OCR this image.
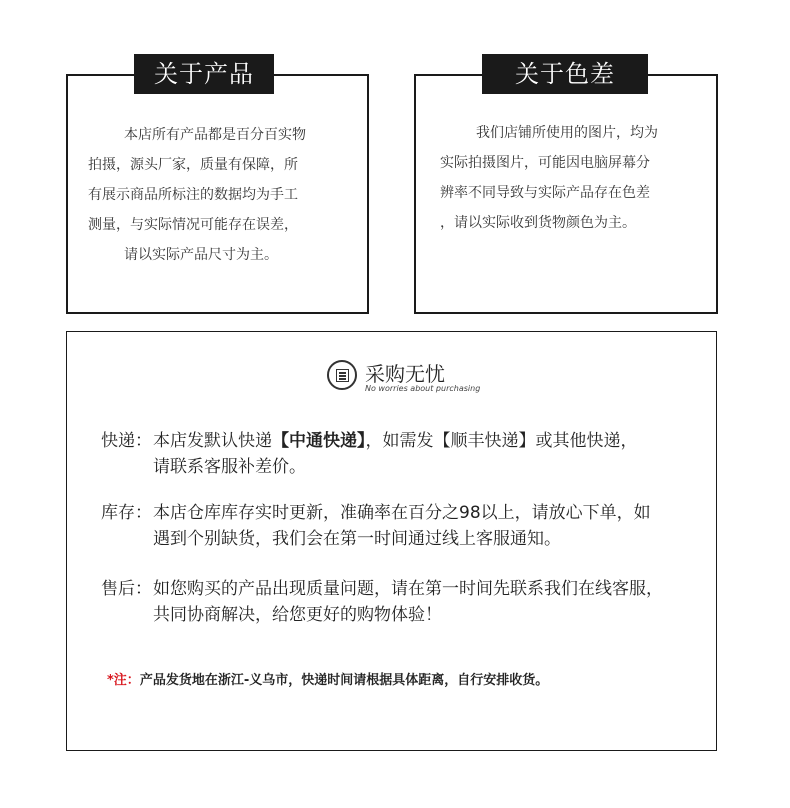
关于产品
本店所有产品都是百分百实物
拍摄，源头厂家，质量有保障，所
有展示商品所标注的数据均为手工
测量，与实际情况可能存在误差，
请以实际产品尺寸为主。
关于色差
我们店铺所使用的图片，均为
实际拍摄图片，可能因电脑屏幕分
辨率不同导致与实际产品存在色差
，请以实际收到货物颜色为主。
采购无忧
No worries about purchasing
快递： 本店发默认快递【中通快递】，如需发【顺丰快递】或其他快递，
请联系客服补差价。
库存： 本店仓库库存实时更新，准确率在百分之98以上，请放心下单，如
遇到个别缺货，我们会在第一时间通过线上客服通知。
售后： 如您购买的产品出现质量问题，请在第一时间先联系我们在线客服，
共同协商解决，给您更好的购物体验！
*注：产品发货地在浙江-义乌市，快递时间请根据具体距离，自行安排收货。
